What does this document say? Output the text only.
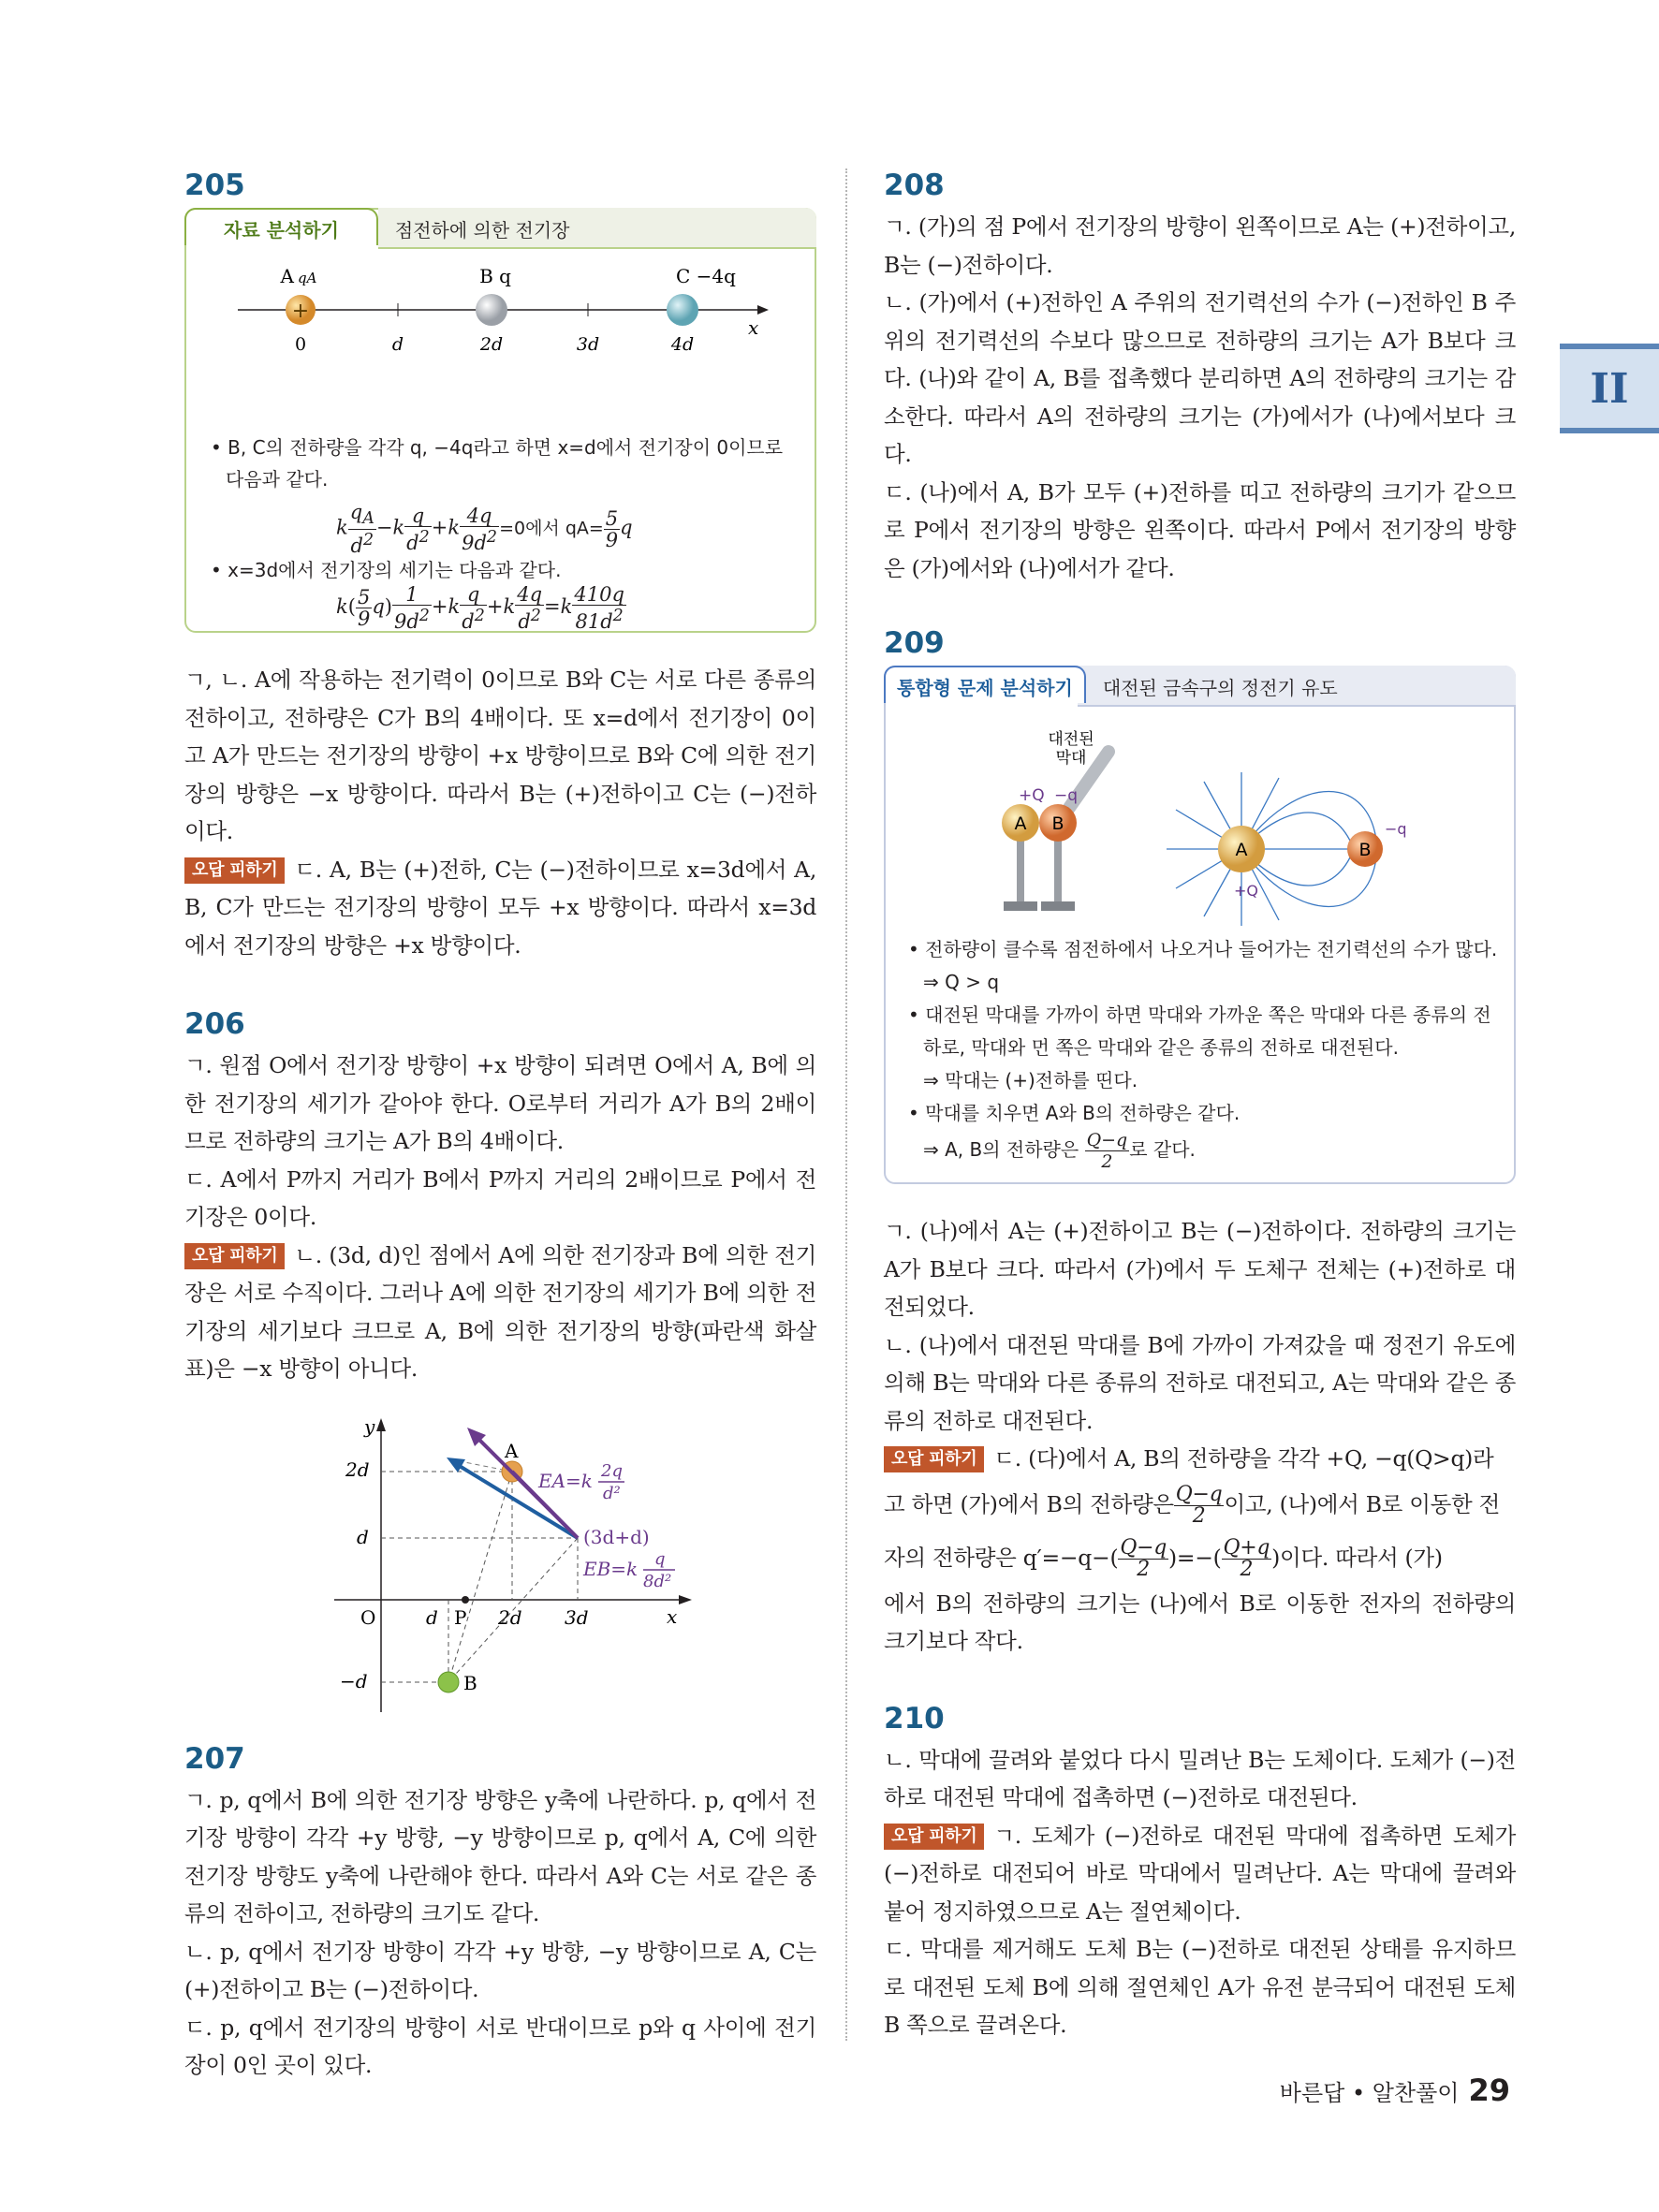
II
205
자료 분석하기	점전하에 의한 전기장
+
A qA	B q	C −4q
x
0	d	2d	3d	4d
• B, C의 전하량을 각각 q, −4q라고 하면 x=d에서 전기장이 0이므로
다음과 같다.
k $\frac{q_A}{d^2} -k \frac{q}{d^2} +k \frac{4q}{9d^2} =0$에서 $qA= \frac{5}{9}$ q
• x=3d에서 전기장의 세기는 다음과 같다.
$k( \frac{5}{9} q) \frac{1}{9d^2} +k \frac{q}{d^2} +k \frac{4q}{d^2} =k \frac{410q}{81d^2}$

ㄱ, ㄴ. A에 작용하는 전기력이 0이므로 B와 C는 서로 다른 종류의 전하이고, 전하량은 C가 B의 4배이다. 또 x=d에서 전기장이 0이고 A가 만드는 전기장의 방향이 +x 방향이므로 B와 C에 의한 전기장의 방향은 −x 방향이다. 따라서 B는 (+)전하이고 C는 (−)전하이다.

오답 피하기 ㄷ. A, B는 (+)전하, C는 (−)전하이므로 x=3d에서 A, B, C가 만드는 전기장의 방향이 모두 +x 방향이다. 따라서 x=3d에서 전기장의 방향은 +x 방향이다.

206

ㄱ. 원점 O에서 전기장 방향이 +x 방향이 되려면 O에서 A, B에 의한 전기장의 세기가 같아야 한다. O로부터 거리가 A가 B의 2배이므로 전하량의 크기는 A가 B의 4배이다.

ㄷ. A에서 P까지 거리가 B에서 P까지 거리의 2배이므로 P에서 전기장은 0이다.

오답 피하기 ㄴ. (3d, d)인 점에서 A에 의한 전기장과 B에 의한 전기장은 서로 수직이다. 그러나 A에 의한 전기장의 세기가 B에 의한 전기장의 세기보다 크므로 A, B에 의한 전기장의 방향(파란색 화살표)은 −x 방향이 아니다.

y
x
O
2d
d
−d
d P 2d 3d
A
B
(3d+d)
EA=k 2q
d²
EB=k q
8d²
207

ㄱ. p, q에서 B에 의한 전기장 방향은 y축에 나란하다. p, q에서 전기장 방향이 각각 +y 방향, −y 방향이므로 p, q에서 A, C에 의한 전기장 방향도 y축에 나란해야 한다. 따라서 A와 C는 서로 같은 종류의 전하이고, 전하량의 크기도 같다.

ㄴ. p, q에서 전기장 방향이 각각 +y 방향, −y 방향이므로 A, C는 (+)전하이고 B는 (−)전하이다.

ㄷ. p, q에서 전기장의 방향이 서로 반대이므로 p와 q 사이에 전기장이 0인 곳이 있다.

208

ㄱ. (가)의 점 P에서 전기장의 방향이 왼쪽이므로 A는 (+)전하이고, B는 (−)전하이다.

ㄴ. (가)에서 (+)전하인 A 주위의 전기력선의 수가 (−)전하인 B 주위의 전기력선의 수보다 많으므로 전하량의 크기는 A가 B보다 크다. (나)와 같이 A, B를 접촉했다 분리하면 A의 전하량의 크기는 감소한다. 따라서 A의 전하량의 크기는 (가)에서가 (나)에서보다 크다.

ㄷ. (나)에서 A, B가 모두 (+)전하를 띠고 전하량의 크기가 같으므로 P에서 전기장의 방향은 왼쪽이다. 따라서 P에서 전기장의 방향은 (가)에서와 (나)에서가 같다.

209
통합형 문제 분석하기	대전된 금속구의 정전기 유도
대전된
막대
+Q −q
A B
A	B
+Q
−q
• 전하량이 클수록 점전하에서 나오거나 들어가는 전기력선의 수가 많다.
⇒ Q > q
• 대전된 막대를 가까이 하면 막대와 가까운 쪽은 막대와 다른 종류의 전
하로, 막대와 먼 쪽은 막대와 같은 종류의 전하로 대전된다.
⇒ 막대는 (+)전하를 띤다.
• 막대를 치우면 A와 B의 전하량은 같다.
⇒ A, B의 전하량은 $\frac{Q-q}{2}$ 로 같다.

ㄱ. (나)에서 A는 (+)전하이고 B는 (−)전하이다. 전하량의 크기는 A가 B보다 크다. 따라서 (가)에서 두 도체구 전체는 (+)전하로 대전되었다.

ㄴ. (나)에서 대전된 막대를 B에 가까이 가져갔을 때 정전기 유도에 의해 B는 막대와 다른 종류의 전하로 대전되고, A는 막대와 같은 종류의 전하로 대전된다.

오답 피하기 ㄷ. (다)에서 A, B의 전하량을 각각 +Q, −q(Q>q)라

고 하면 (가)에서 B의 전하량은 $\frac{Q-q}{2}$ 이고, (나)에서 B로 이동한 전

자의 전하량은 $q'=-q-( \frac{Q-q}{2}$ )=−( $\frac{Q+q}{2}$ )이다. 따라서 (가)

에서 B의 전하량의 크기는 (나)에서 B로 이동한 전자의 전하량의 크기보다 작다.

210

ㄴ. 막대에 끌려와 붙었다 다시 밀려난 B는 도체이다. 도체가 (−)전하로 대전된 막대에 접촉하면 (−)전하로 대전된다.

오답 피하기 ㄱ. 도체가 (−)전하로 대전된 막대에 접촉하면 도체가 (−)전하로 대전되어 바로 막대에서 밀려난다. A는 막대에 끌려와 붙어 정지하였으므로 A는 절연체이다.

ㄷ. 막대를 제거해도 도체 B는 (−)전하로 대전된 상태를 유지하므로 대전된 도체 B에 의해 절연체인 A가 유전 분극되어 대전된 도체 B 쪽으로 끌려온다.

바른답 • 알찬풀이 29
